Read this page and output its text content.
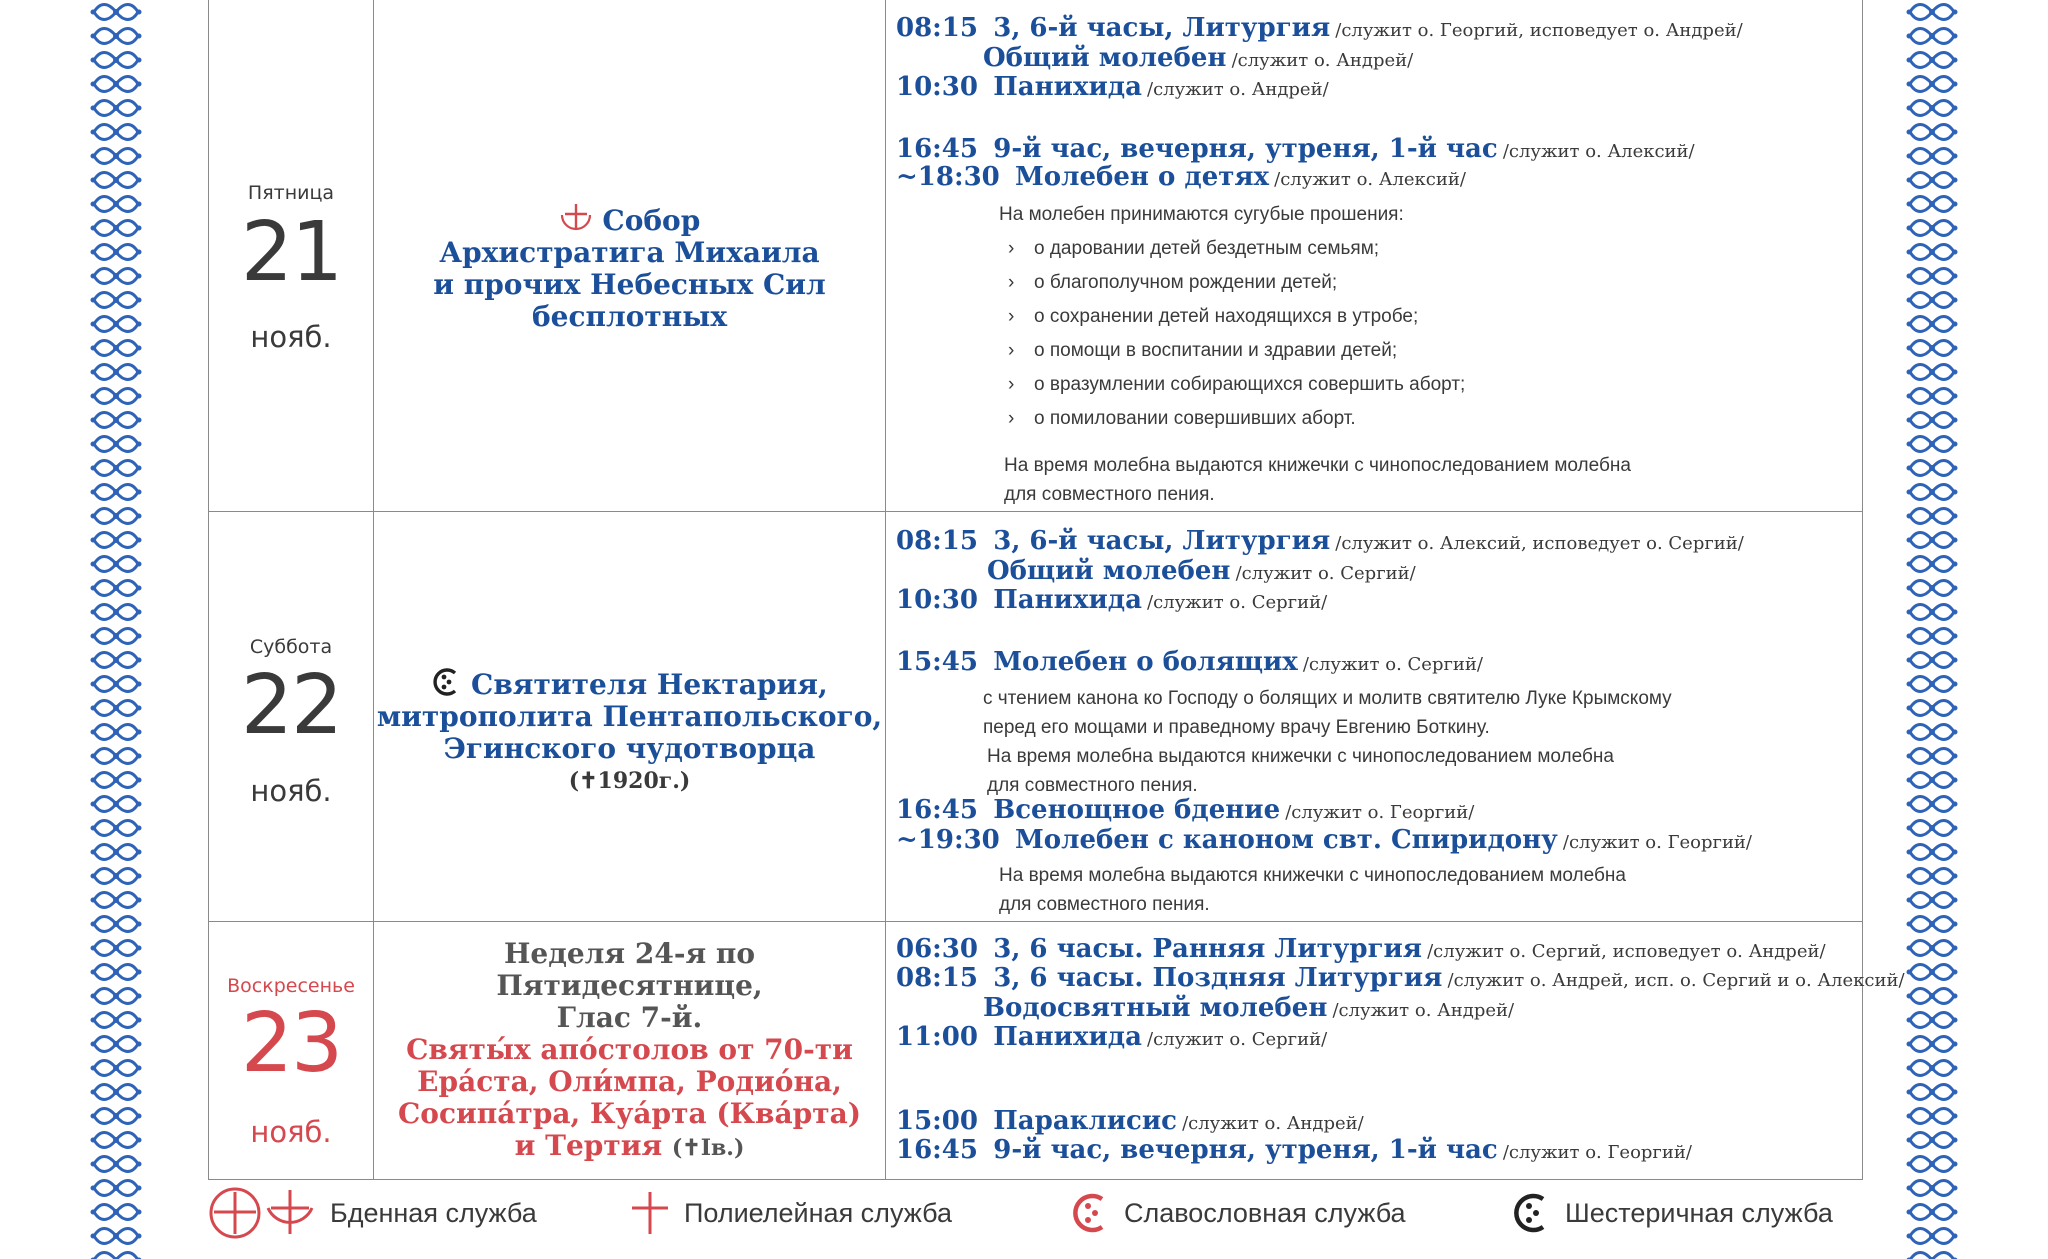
Пятница
21
нояб.
Собор
Архистратига Михаила
и прочих Небесных Сил
бесплотных
08:15 3, 6-й часы, Литургия /служит о. Георгий, исповедует о. Андрей/
Общий молебен /служит о. Андрей/
10:30 Панихида /служит о. Андрей/
16:45 9-й час, вечерня, утреня, 1-й час /служит о. Алексий/
~18:30 Молебен о детях /служит о. Алексий/
На молебен принимаются сугубые прошения:
› о даровании детей бездетным семьям;
› о благополучном рождении детей;
› о сохранении детей находящихся в утробе;
› о помощи в воспитании и здравии детей;
› о вразумлении собирающихся совершить аборт;
› о помиловании совершивших аборт.
На время молебна выдаются книжечки с чинопоследованием молебна
для совместного пения.
Суббота
22
нояб.
Святителя Нектария,
митрополита Пентапольского,
Эгинского чудотворца
(✝1920г.)
08:15 3, 6-й часы, Литургия /служит о. Алексий, исповедует о. Сергий/
Общий молебен /служит о. Сергий/
10:30 Панихида /служит о. Сергий/
15:45 Молебен о болящих /служит о. Сергий/
с чтением канона ко Господу о болящих и молитв святителю Луке Крымскому
перед его мощами и праведному врачу Евгению Боткину.
На время молебна выдаются книжечки с чинопоследованием молебна
для совместного пения.
16:45 Всенощное бдение /служит о. Георгий/
~19:30 Молебен с каноном свт. Спиридону /служит о. Георгий/
На время молебна выдаются книжечки с чинопоследованием молебна
для совместного пения.
Воскресенье
23
нояб.
Неделя 24-я по Пятидесятнице,
Глас 7-й.
Святы́х апо́столов от 70-ти
Ера́ста, Оли́мпа, Родио́на,
Сосипа́тра, Куа́рта (Ква́рта)
и Тертия (✝Iв.)
06:30 3, 6 часы. Ранняя Литургия /служит о. Сергий, исповедует о. Андрей/
08:15 3, 6 часы. Поздняя Литургия /служит о. Андрей, исп. о. Сергий и о. Алексий/
Водосвятный молебен /служит о. Андрей/
11:00 Панихида /служит о. Сергий/
15:00 Параклисис /служит о. Андрей/
16:45 9-й час, вечерня, утреня, 1-й час /служит о. Георгий/
Бденная служба	Полиелейная служба	Славословная служба	Шестеричная служба
